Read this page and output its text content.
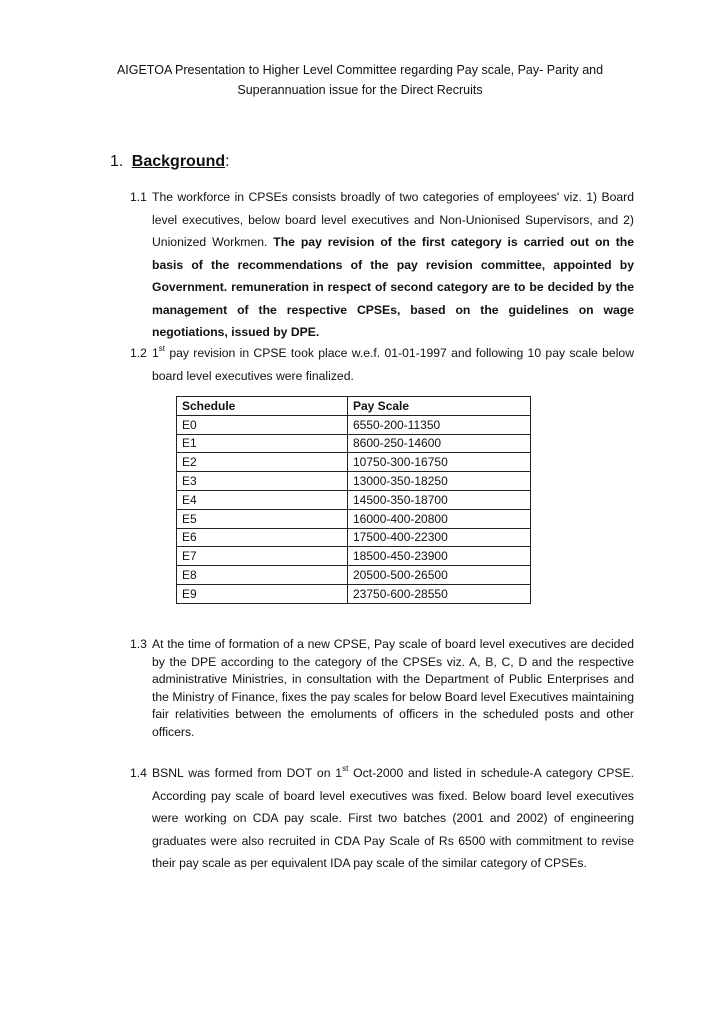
AIGETOA Presentation to Higher Level Committee regarding Pay scale, Pay- Parity and
Superannuation issue for the Direct Recruits
1. Background:
1.1 The workforce in CPSEs consists broadly of two categories of employees' viz. 1) Board level executives, below board level executives and Non-Unionised Supervisors, and 2) Unionized Workmen. The pay revision of the first category is carried out on the basis of the recommendations of the pay revision committee, appointed by Government. remuneration in respect of second category are to be decided by the management of the respective CPSEs, based on the guidelines on wage negotiations, issued by DPE.
1.2 1st pay revision in CPSE took place w.e.f. 01-01-1997 and following 10 pay scale below board level executives were finalized.
Schedule	Pay Scale
E0	6550-200-11350
E1	8600-250-14600
E2	10750-300-16750
E3	13000-350-18250
E4	14500-350-18700
E5	16000-400-20800
E6	17500-400-22300
E7	18500-450-23900
E8	20500-500-26500
E9	23750-600-28550
1.3 At the time of formation of a new CPSE, Pay scale of board level executives are decided by the DPE according to the category of the CPSEs viz. A, B, C, D and the respective administrative Ministries, in consultation with the Department of Public Enterprises and the Ministry of Finance, fixes the pay scales for below Board level Executives maintaining fair relativities between the emoluments of officers in the scheduled posts and other officers.
1.4 BSNL was formed from DOT on 1st Oct-2000 and listed in schedule-A category CPSE. According pay scale of board level executives was fixed. Below board level executives were working on CDA pay scale. First two batches (2001 and 2002) of engineering graduates were also recruited in CDA Pay Scale of Rs 6500 with commitment to revise their pay scale as per equivalent IDA pay scale of the similar category of CPSEs.
